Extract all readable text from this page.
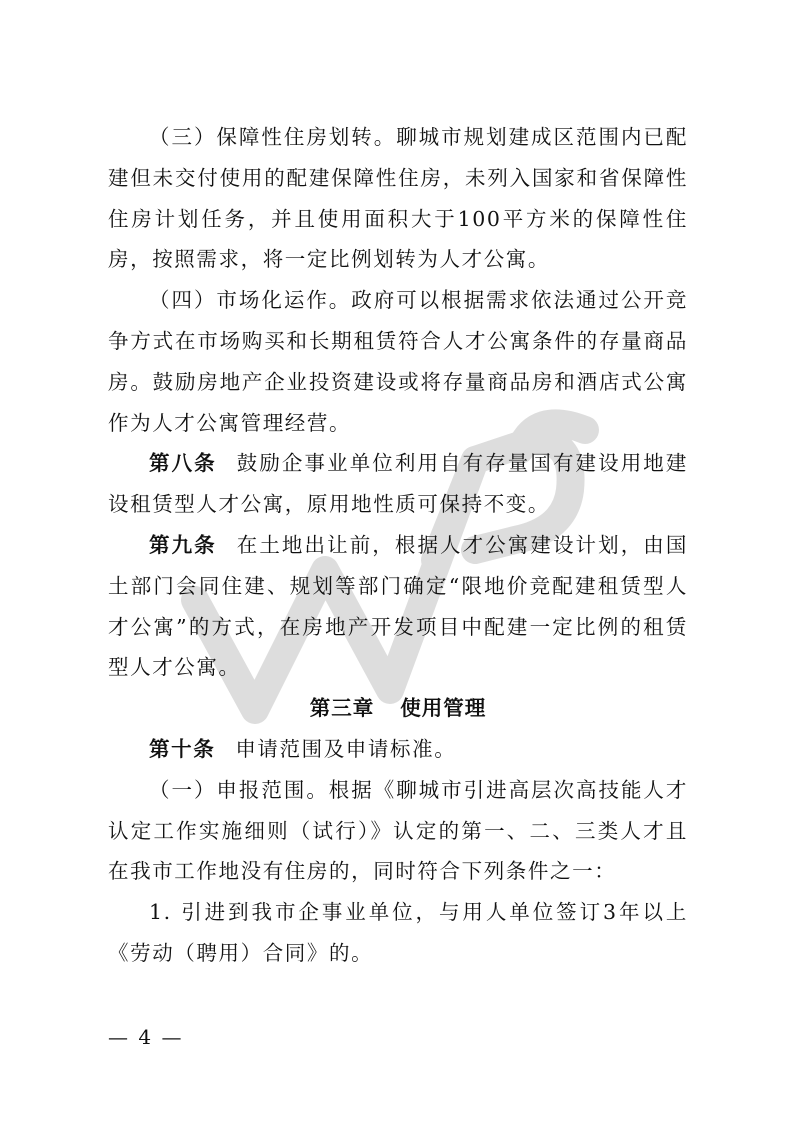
（三）保障性住房划转。聊城市规划建成区范围内已配建但未交付使用的配建保障性住房，未列入国家和省保障性住房计划任务，并且使用面积大于100平方米的保障性住房，按照需求，将一定比例划转为人才公寓。

（四）市场化运作。政府可以根据需求依法通过公开竞争方式在市场购买和长期租赁符合人才公寓条件的存量商品房。鼓励房地产企业投资建设或将存量商品房和酒店式公寓作为人才公寓管理经营。

第八条 鼓励企事业单位利用自有存量国有建设用地建设租赁型人才公寓，原用地性质可保持不变。

第九条 在土地出让前，根据人才公寓建设计划，由国土部门会同住建、规划等部门确定“限地价竞配建租赁型人才公寓”的方式，在房地产开发项目中配建一定比例的租赁型人才公寓。

第三章 使用管理

第十条 申请范围及申请标准。

（一）申报范围。根据《聊城市引进高层次高技能人才认定工作实施细则（试行）》认定的第一、二、三类人才且在我市工作地没有住房的，同时符合下列条件之一：

1. 引进到我市企事业单位，与用人单位签订3年以上《劳动（聘用）合同》的。

— 4 —
